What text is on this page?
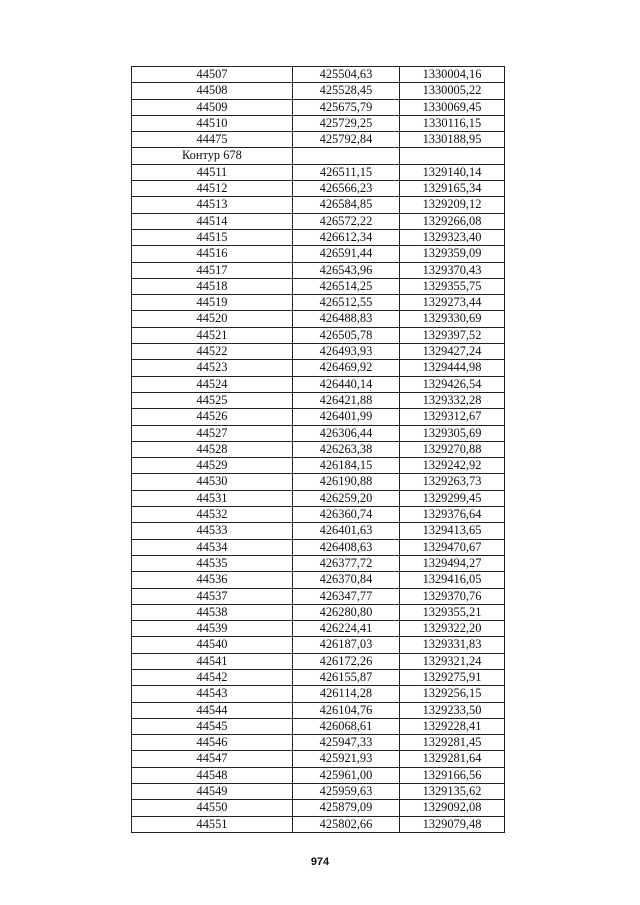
44507	425504,63	1330004,16
44508	425528,45	1330005,22
44509	425675,79	1330069,45
44510	425729,25	1330116,15
44475	425792,84	1330188,95
Контур 678		
44511	426511,15	1329140,14
44512	426566,23	1329165,34
44513	426584,85	1329209,12
44514	426572,22	1329266,08
44515	426612,34	1329323,40
44516	426591,44	1329359,09
44517	426543,96	1329370,43
44518	426514,25	1329355,75
44519	426512,55	1329273,44
44520	426488,83	1329330,69
44521	426505,78	1329397,52
44522	426493,93	1329427,24
44523	426469,92	1329444,98
44524	426440,14	1329426,54
44525	426421,88	1329332,28
44526	426401,99	1329312,67
44527	426306,44	1329305,69
44528	426263,38	1329270,88
44529	426184,15	1329242,92
44530	426190,88	1329263,73
44531	426259,20	1329299,45
44532	426360,74	1329376,64
44533	426401,63	1329413,65
44534	426408,63	1329470,67
44535	426377,72	1329494,27
44536	426370,84	1329416,05
44537	426347,77	1329370,76
44538	426280,80	1329355,21
44539	426224,41	1329322,20
44540	426187,03	1329331,83
44541	426172,26	1329321,24
44542	426155,87	1329275,91
44543	426114,28	1329256,15
44544	426104,76	1329233,50
44545	426068,61	1329228,41
44546	425947,33	1329281,45
44547	425921,93	1329281,64
44548	425961,00	1329166,56
44549	425959,63	1329135,62
44550	425879,09	1329092,08
44551	425802,66	1329079,48
974
